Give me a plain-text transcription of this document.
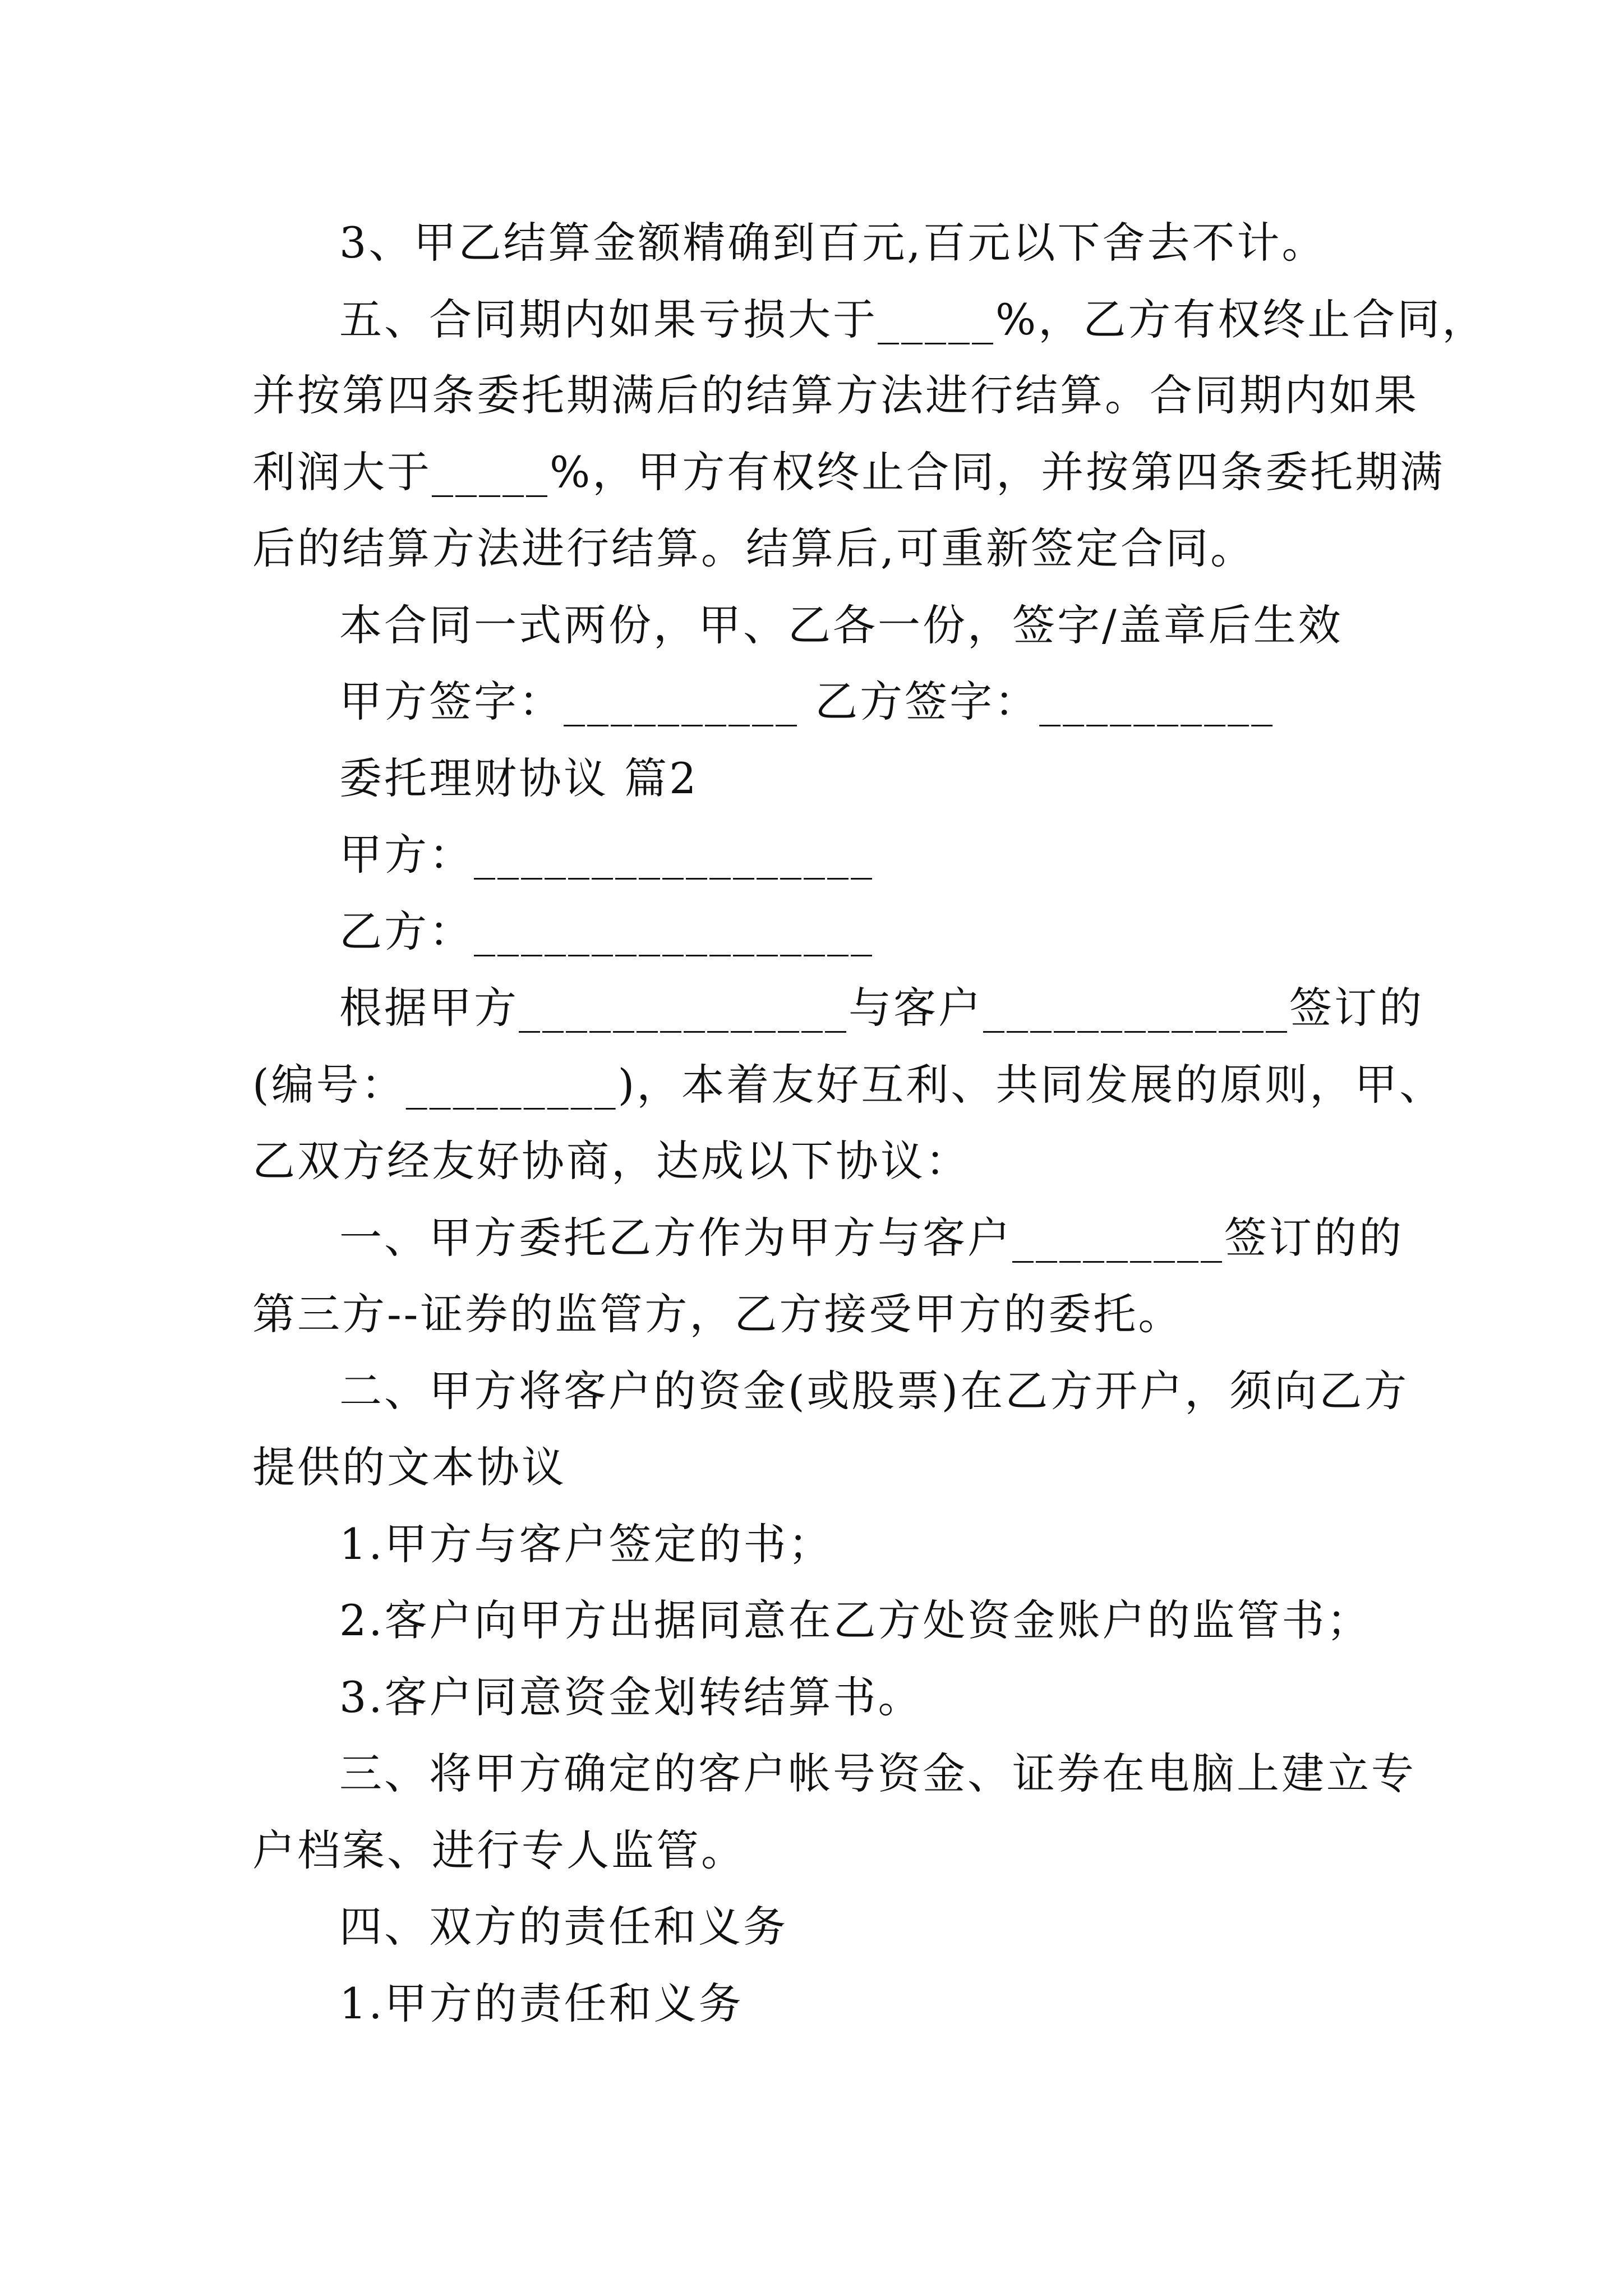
3、甲乙结算金额精确到百元,百元以下舍去不计。
五、合同期内如果亏损大于_____%，乙方有权终止合同，
并按第四条委托期满后的结算方法进行结算。合同期内如果
利润大于_____%，甲方有权终止合同，并按第四条委托期满
后的结算方法进行结算。结算后,可重新签定合同。
本合同一式两份，甲、乙各一份，签字/盖章后生效
甲方签字：__________ 乙方签字：__________
委托理财协议 篇2
甲方：_________________
乙方：_________________
根据甲方______________与客户_____________签订的
(编号：_________)，本着友好互利、共同发展的原则，甲、
乙双方经友好协商，达成以下协议：
一、甲方委托乙方作为甲方与客户_________签订的的
第三方--证券的监管方，乙方接受甲方的委托。
二、甲方将客户的资金(或股票)在乙方开户，须向乙方
提供的文本协议
1.甲方与客户签定的书；
2.客户向甲方出据同意在乙方处资金账户的监管书；
3.客户同意资金划转结算书。
三、将甲方确定的客户帐号资金、证券在电脑上建立专
户档案、进行专人监管。
四、双方的责任和义务
1.甲方的责任和义务
